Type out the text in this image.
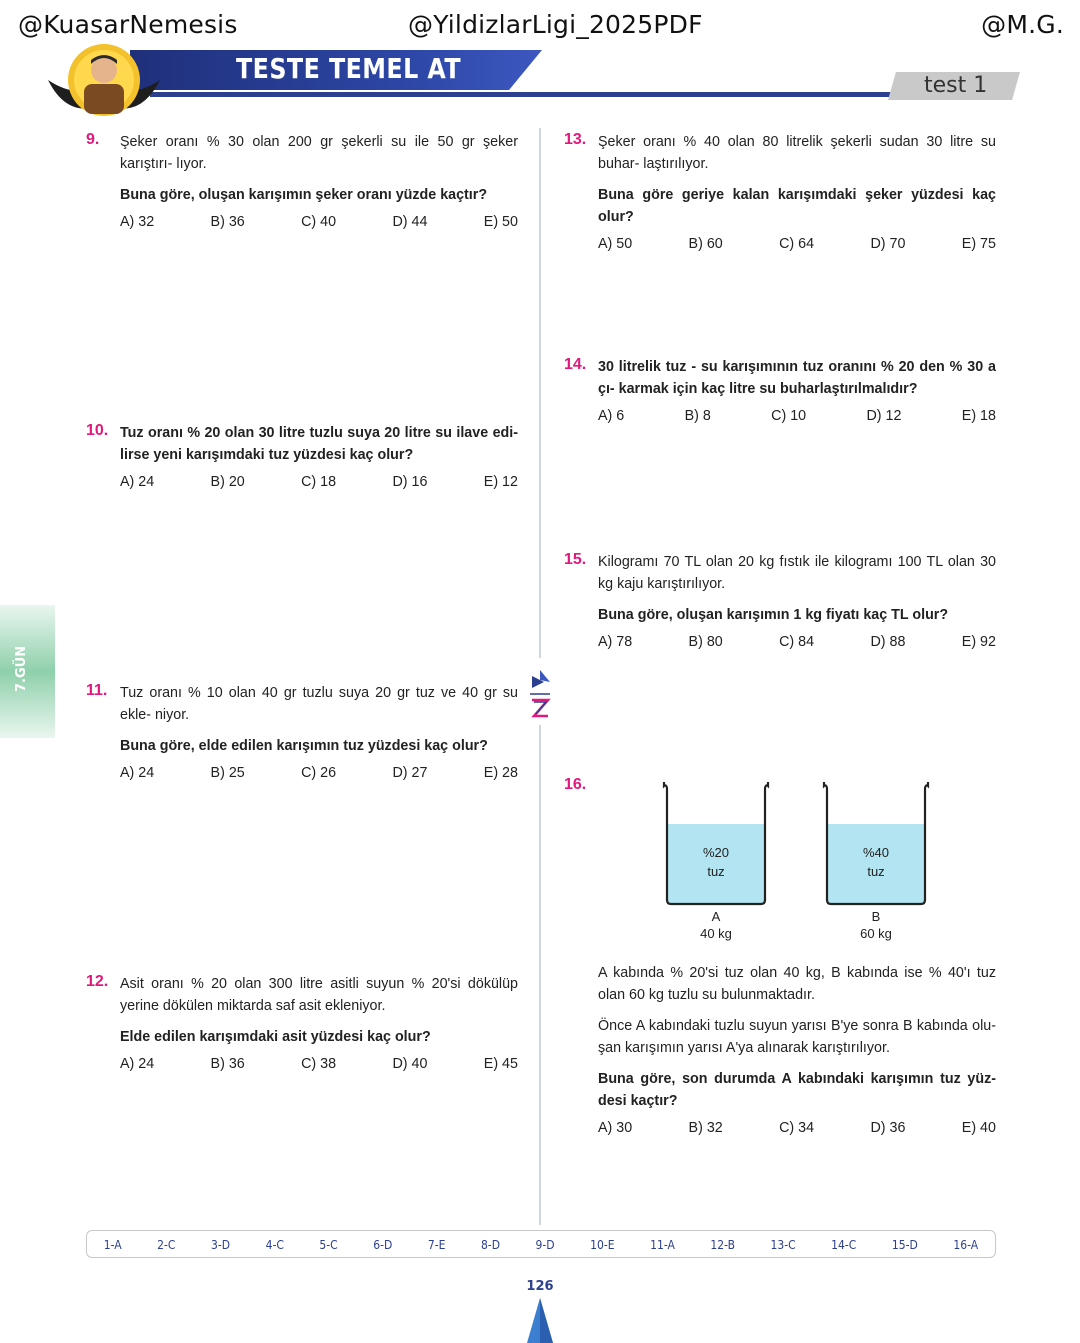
@KuasarNemesis	@YildizlarLigi_2025PDF	@M.G.
TESTE TEMEL AT
test 1
7.GÜN
9. Şeker oranı % 30 olan 200 gr şekerli su ile 50 gr şeker karıştırı- lıyor.

Buna göre, oluşan karışımın şeker oranı yüzde kaçtır?

A) 32	B) 36	C) 40	D) 44	E) 50
10. Tuz oranı % 20 olan 30 litre tuzlu suya 20 litre su ilave edi- lirse yeni karışımdaki tuz yüzdesi kaç olur?

A) 24	B) 20	C) 18	D) 16	E) 12
11. Tuz oranı % 10 olan 40 gr tuzlu suya 20 gr tuz ve 40 gr su ekle- niyor.

Buna göre, elde edilen karışımın tuz yüzdesi kaç olur?

A) 24	B) 25	C) 26	D) 27	E) 28
12. Asit oranı % 20 olan 300 litre asitli suyun % 20'si dökülüp yerine dökülen miktarda saf asit ekleniyor.

Elde edilen karışımdaki asit yüzdesi kaç olur?

A) 24	B) 36	C) 38	D) 40	E) 45
13. Şeker oranı % 40 olan 80 litrelik şekerli sudan 30 litre su buhar- laştırılıyor.

Buna göre geriye kalan karışımdaki şeker yüzdesi kaç olur?

A) 50	B) 60	C) 64	D) 70	E) 75
14. 30 litrelik tuz - su karışımının tuz oranını % 20 den % 30 a çı- karmak için kaç litre su buharlaştırılmalıdır?

A) 6	B) 8	C) 10	D) 12	E) 18
15. Kilogramı 70 TL olan 20 kg fıstık ile kilogramı 100 TL olan 30 kg kaju karıştırılıyor.

Buna göre, oluşan karışımın 1 kg fiyatı kaç TL olur?

A) 78	B) 80	C) 84	D) 88	E) 92
16.
%20
tuz
A
40 kg
%40
tuz
B
60 kg

A kabında % 20'si tuz olan 40 kg, B kabında ise % 40'ı tuz olan 60 kg tuzlu su bulunmaktadır.

Önce A kabındaki tuzlu suyun yarısı B'ye sonra B kabında olu- şan karışımın yarısı A'ya alınarak karıştırılıyor.

Buna göre, son durumda A kabındaki karışımın tuz yüz- desi kaçtır?

A) 30	B) 32	C) 34	D) 36	E) 40
1-A	2-C	3-D	4-C	5-C	6-D	7-E	8-D	9-D	10-E	11-A	12-B	13-C	14-C	15-D	16-A
126
